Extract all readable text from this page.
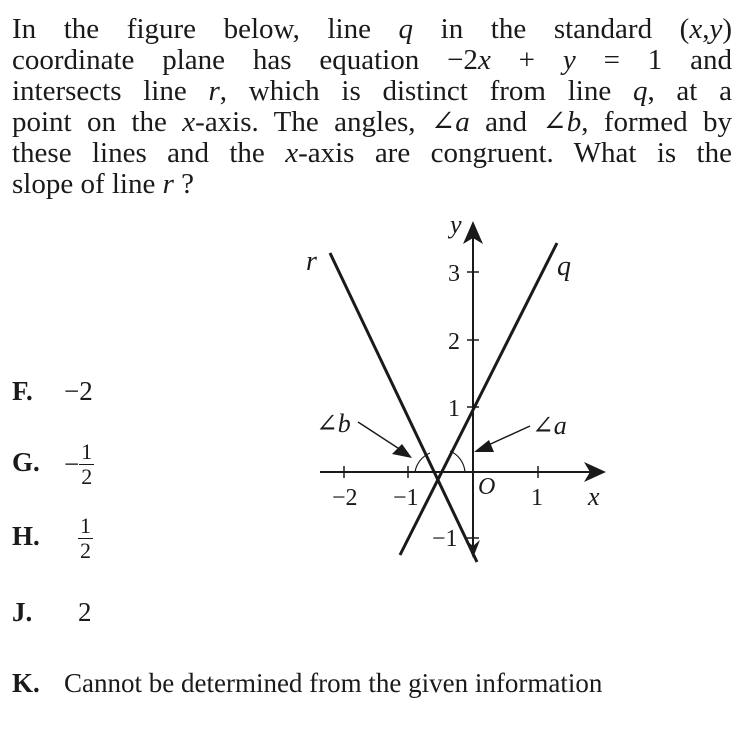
In the figure below, line q in the standard (x,y)
coordinate plane has equation −2x + y = 1 and
intersects line r, which is distinct from line q, at a
point on the x-axis. The angles, ∠a and ∠b, formed by
these lines and the x-axis are congruent. What is the
slope of line r ?
y
x
O
−2 −1	1
3
2
1
−1
q
r
∠b	∠a
F. −2
G. − $\frac{1}{2}$
H. $\frac{1}{2}$
J. 2
K. Cannot be determined from the given information
